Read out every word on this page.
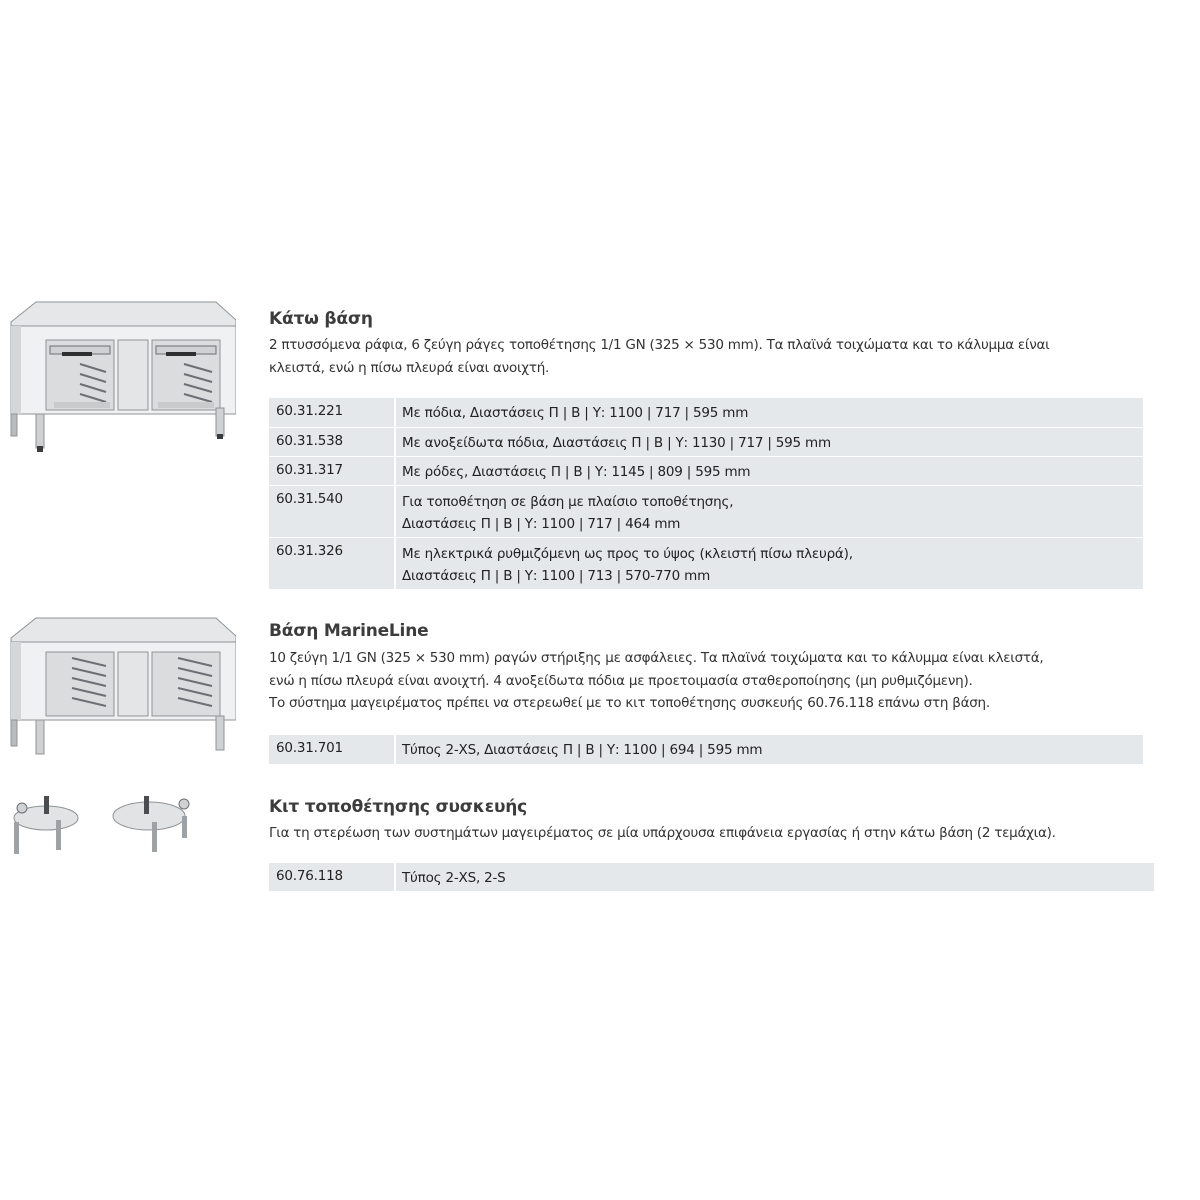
Κάτω βάση
2 πτυσσόμενα ράφια, 6 ζεύγη ράγες τοποθέτησης 1/1 GN (325 × 530 mm). Τα πλαϊνά τοιχώματα και το κάλυμμα είναι
κλειστά, ενώ η πίσω πλευρά είναι ανοιχτή.
60.31.221	Με πόδια, Διαστάσεις Π | Β | Υ: 1100 | 717 | 595 mm
60.31.538	Με ανοξείδωτα πόδια, Διαστάσεις Π | Β | Υ: 1130 | 717 | 595 mm
60.31.317	Με ρόδες, Διαστάσεις Π | Β | Υ: 1145 | 809 | 595 mm
60.31.540	Για τοποθέτηση σε βάση με πλαίσιο τοποθέτησης,
Διαστάσεις Π | Β | Υ: 1100 | 717 | 464 mm
60.31.326	Με ηλεκτρικά ρυθμιζόμενη ως προς το ύψος (κλειστή πίσω πλευρά),
Διαστάσεις Π | Β | Υ: 1100 | 713 | 570-770 mm
Βάση MarineLine
10 ζεύγη 1/1 GN (325 × 530 mm) ραγών στήριξης με ασφάλειες. Τα πλαϊνά τοιχώματα και το κάλυμμα είναι κλειστά,
ενώ η πίσω πλευρά είναι ανοιχτή. 4 ανοξείδωτα πόδια με προετοιμασία σταθεροποίησης (μη ρυθμιζόμενη).
Το σύστημα μαγειρέματος πρέπει να στερεωθεί με το κιτ τοποθέτησης συσκευής 60.76.118 επάνω στη βάση.
60.31.701	Τύπος 2-XS, Διαστάσεις Π | Β | Υ: 1100 | 694 | 595 mm
Κιτ τοποθέτησης συσκευής
Για τη στερέωση των συστημάτων μαγειρέματος σε μία υπάρχουσα επιφάνεια εργασίας ή στην κάτω βάση (2 τεμάχια).
60.76.118	Τύπος 2-XS, 2-S
